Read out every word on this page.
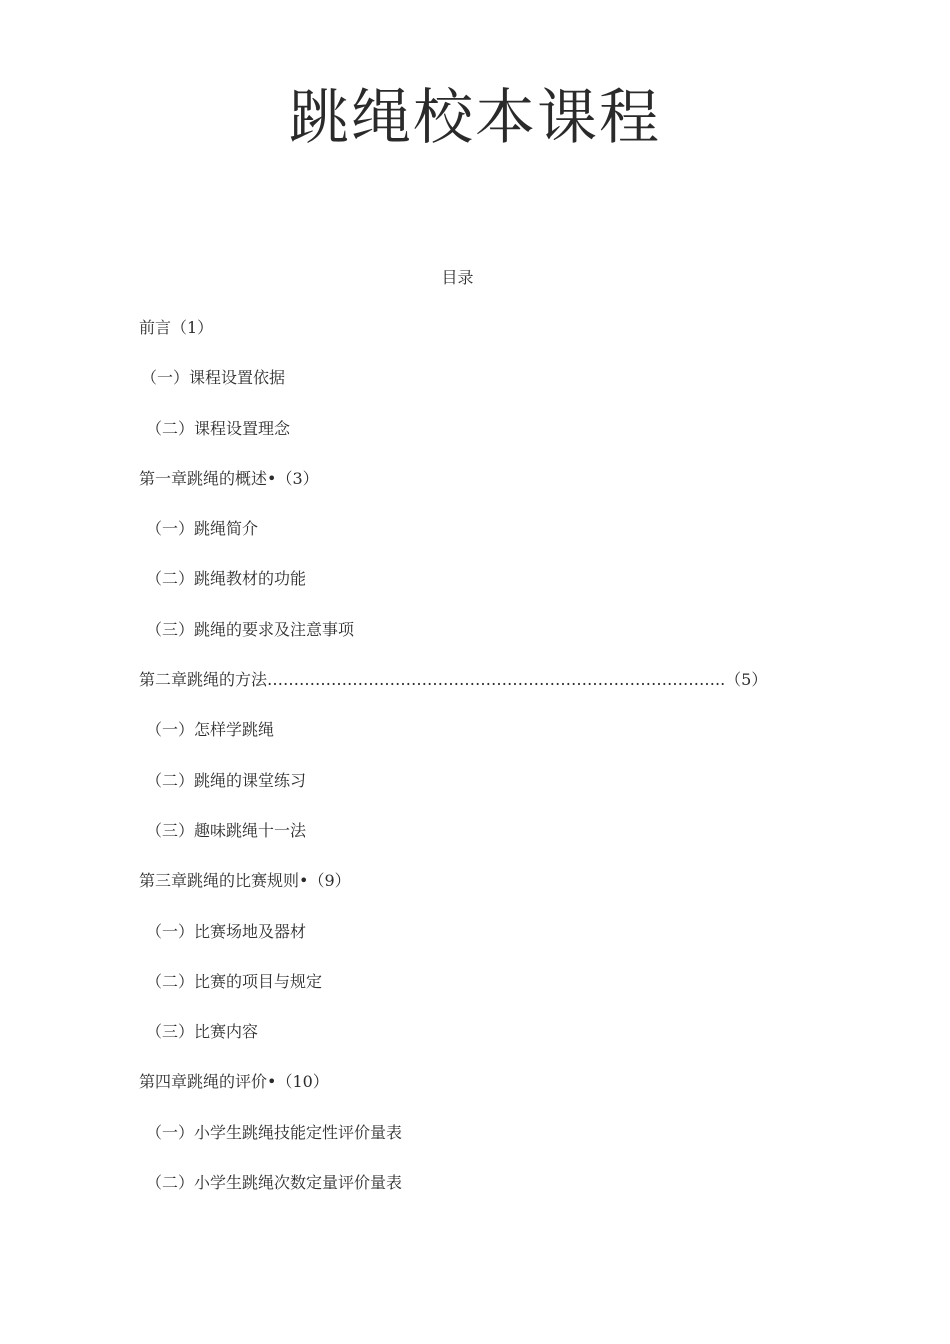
跳绳校本课程
目录
前言（1）
（一）课程设置依据
（二）课程设置理念
第一章跳绳的概述•（3）
（一）跳绳简介
（二）跳绳教材的功能
（三）跳绳的要求及注意事项
第二章跳绳的方法…………………………………………………………………………..（5）
（一）怎样学跳绳
（二）跳绳的课堂练习
（三）趣味跳绳十一法
第三章跳绳的比赛规则•（9）
（一）比赛场地及器材
（二）比赛的项目与规定
（三）比赛内容
第四章跳绳的评价•（10）
（一）小学生跳绳技能定性评价量表
（二）小学生跳绳次数定量评价量表
